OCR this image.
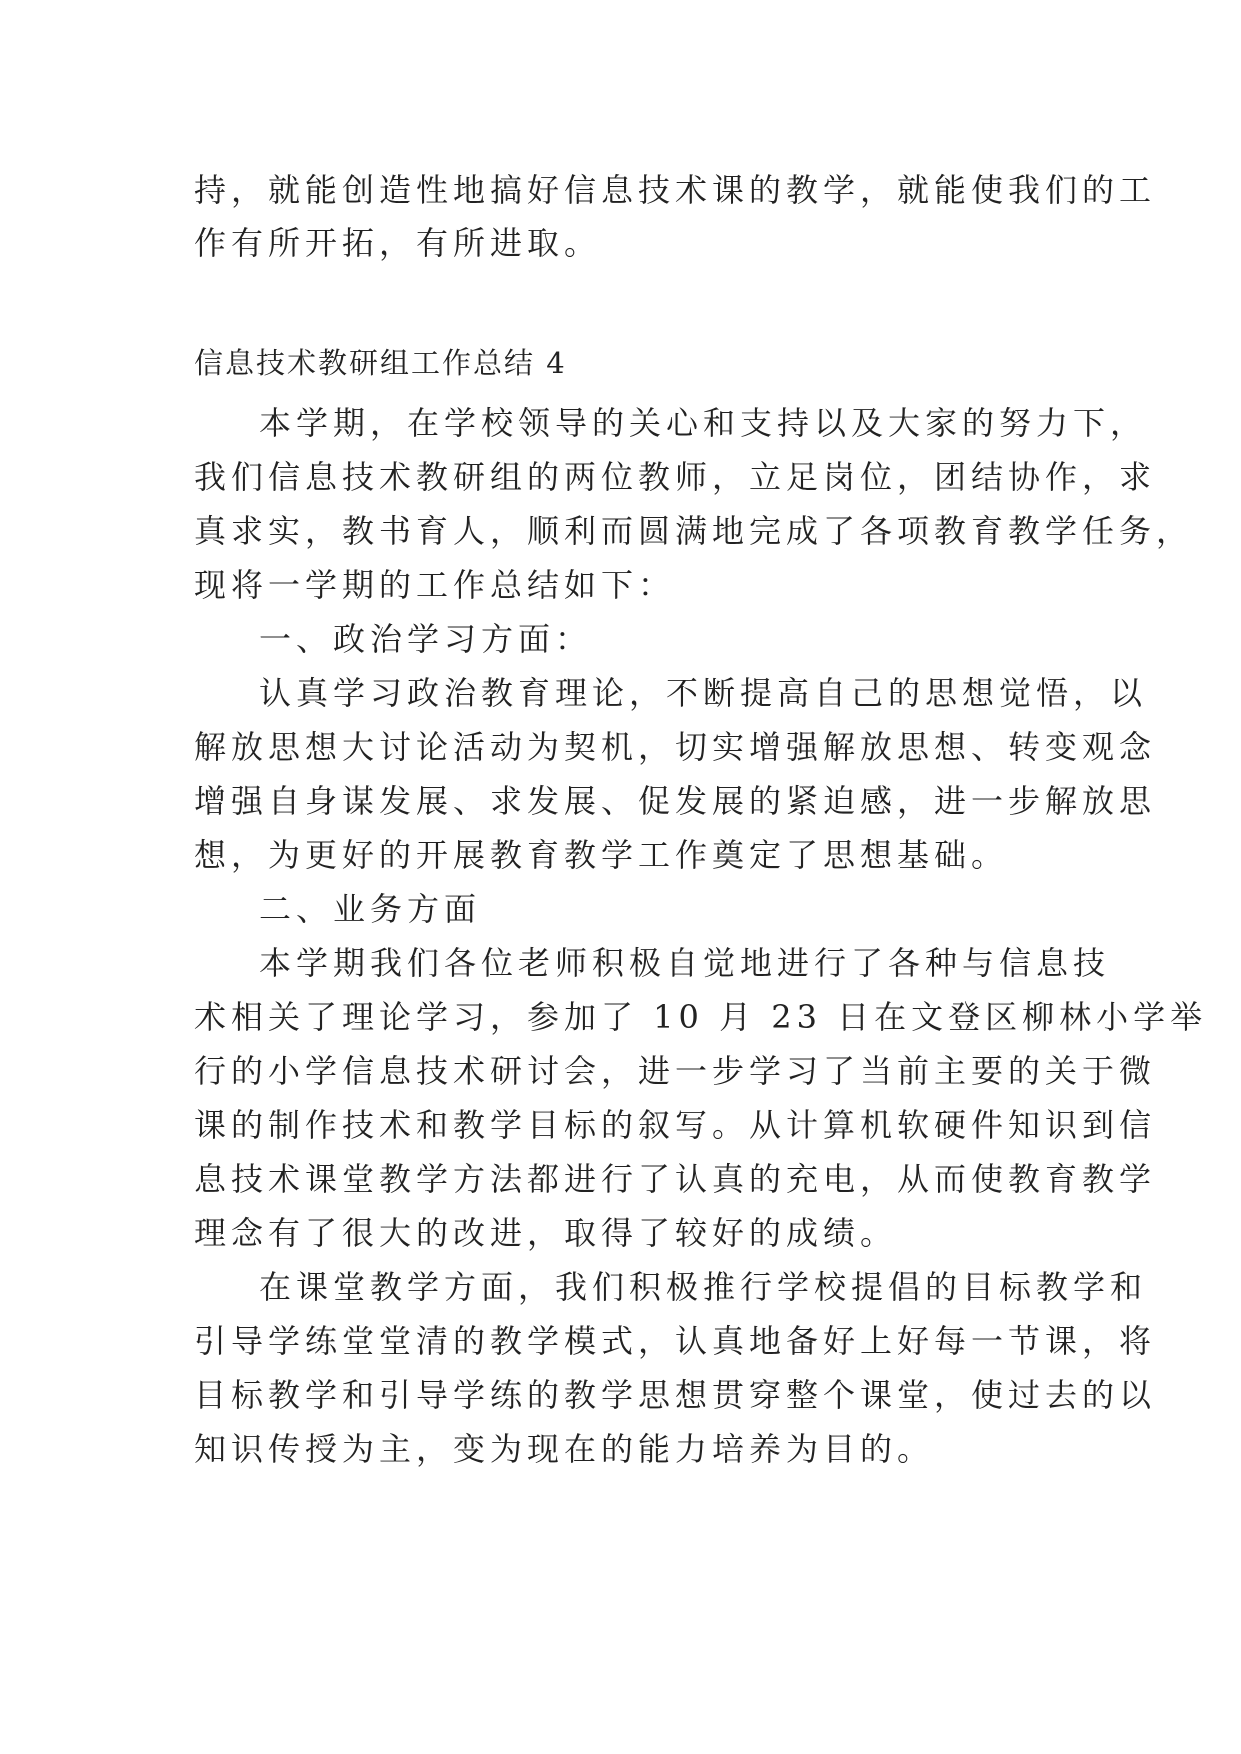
持，就能创造性地搞好信息技术课的教学，就能使我们的工
作有所开拓，有所进取。
信息技术教研组工作总结 4
本学期，在学校领导的关心和支持以及大家的努力下，
我们信息技术教研组的两位教师，立足岗位，团结协作，求
真求实，教书育人，顺利而圆满地完成了各项教育教学任务，
现将一学期的工作总结如下：
一、政治学习方面：
认真学习政治教育理论，不断提高自己的思想觉悟，以
解放思想大讨论活动为契机，切实增强解放思想、转变观念
增强自身谋发展、求发展、促发展的紧迫感，进一步解放思
想，为更好的开展教育教学工作奠定了思想基础。
二、业务方面
本学期我们各位老师积极自觉地进行了各种与信息技
术相关了理论学习，参加了 10 月 23 日在文登区柳林小学举
行的小学信息技术研讨会，进一步学习了当前主要的关于微
课的制作技术和教学目标的叙写。从计算机软硬件知识到信
息技术课堂教学方法都进行了认真的充电，从而使教育教学
理念有了很大的改进，取得了较好的成绩。
在课堂教学方面，我们积极推行学校提倡的目标教学和
引导学练堂堂清的教学模式，认真地备好上好每一节课，将
目标教学和引导学练的教学思想贯穿整个课堂，使过去的以
知识传授为主，变为现在的能力培养为目的。
